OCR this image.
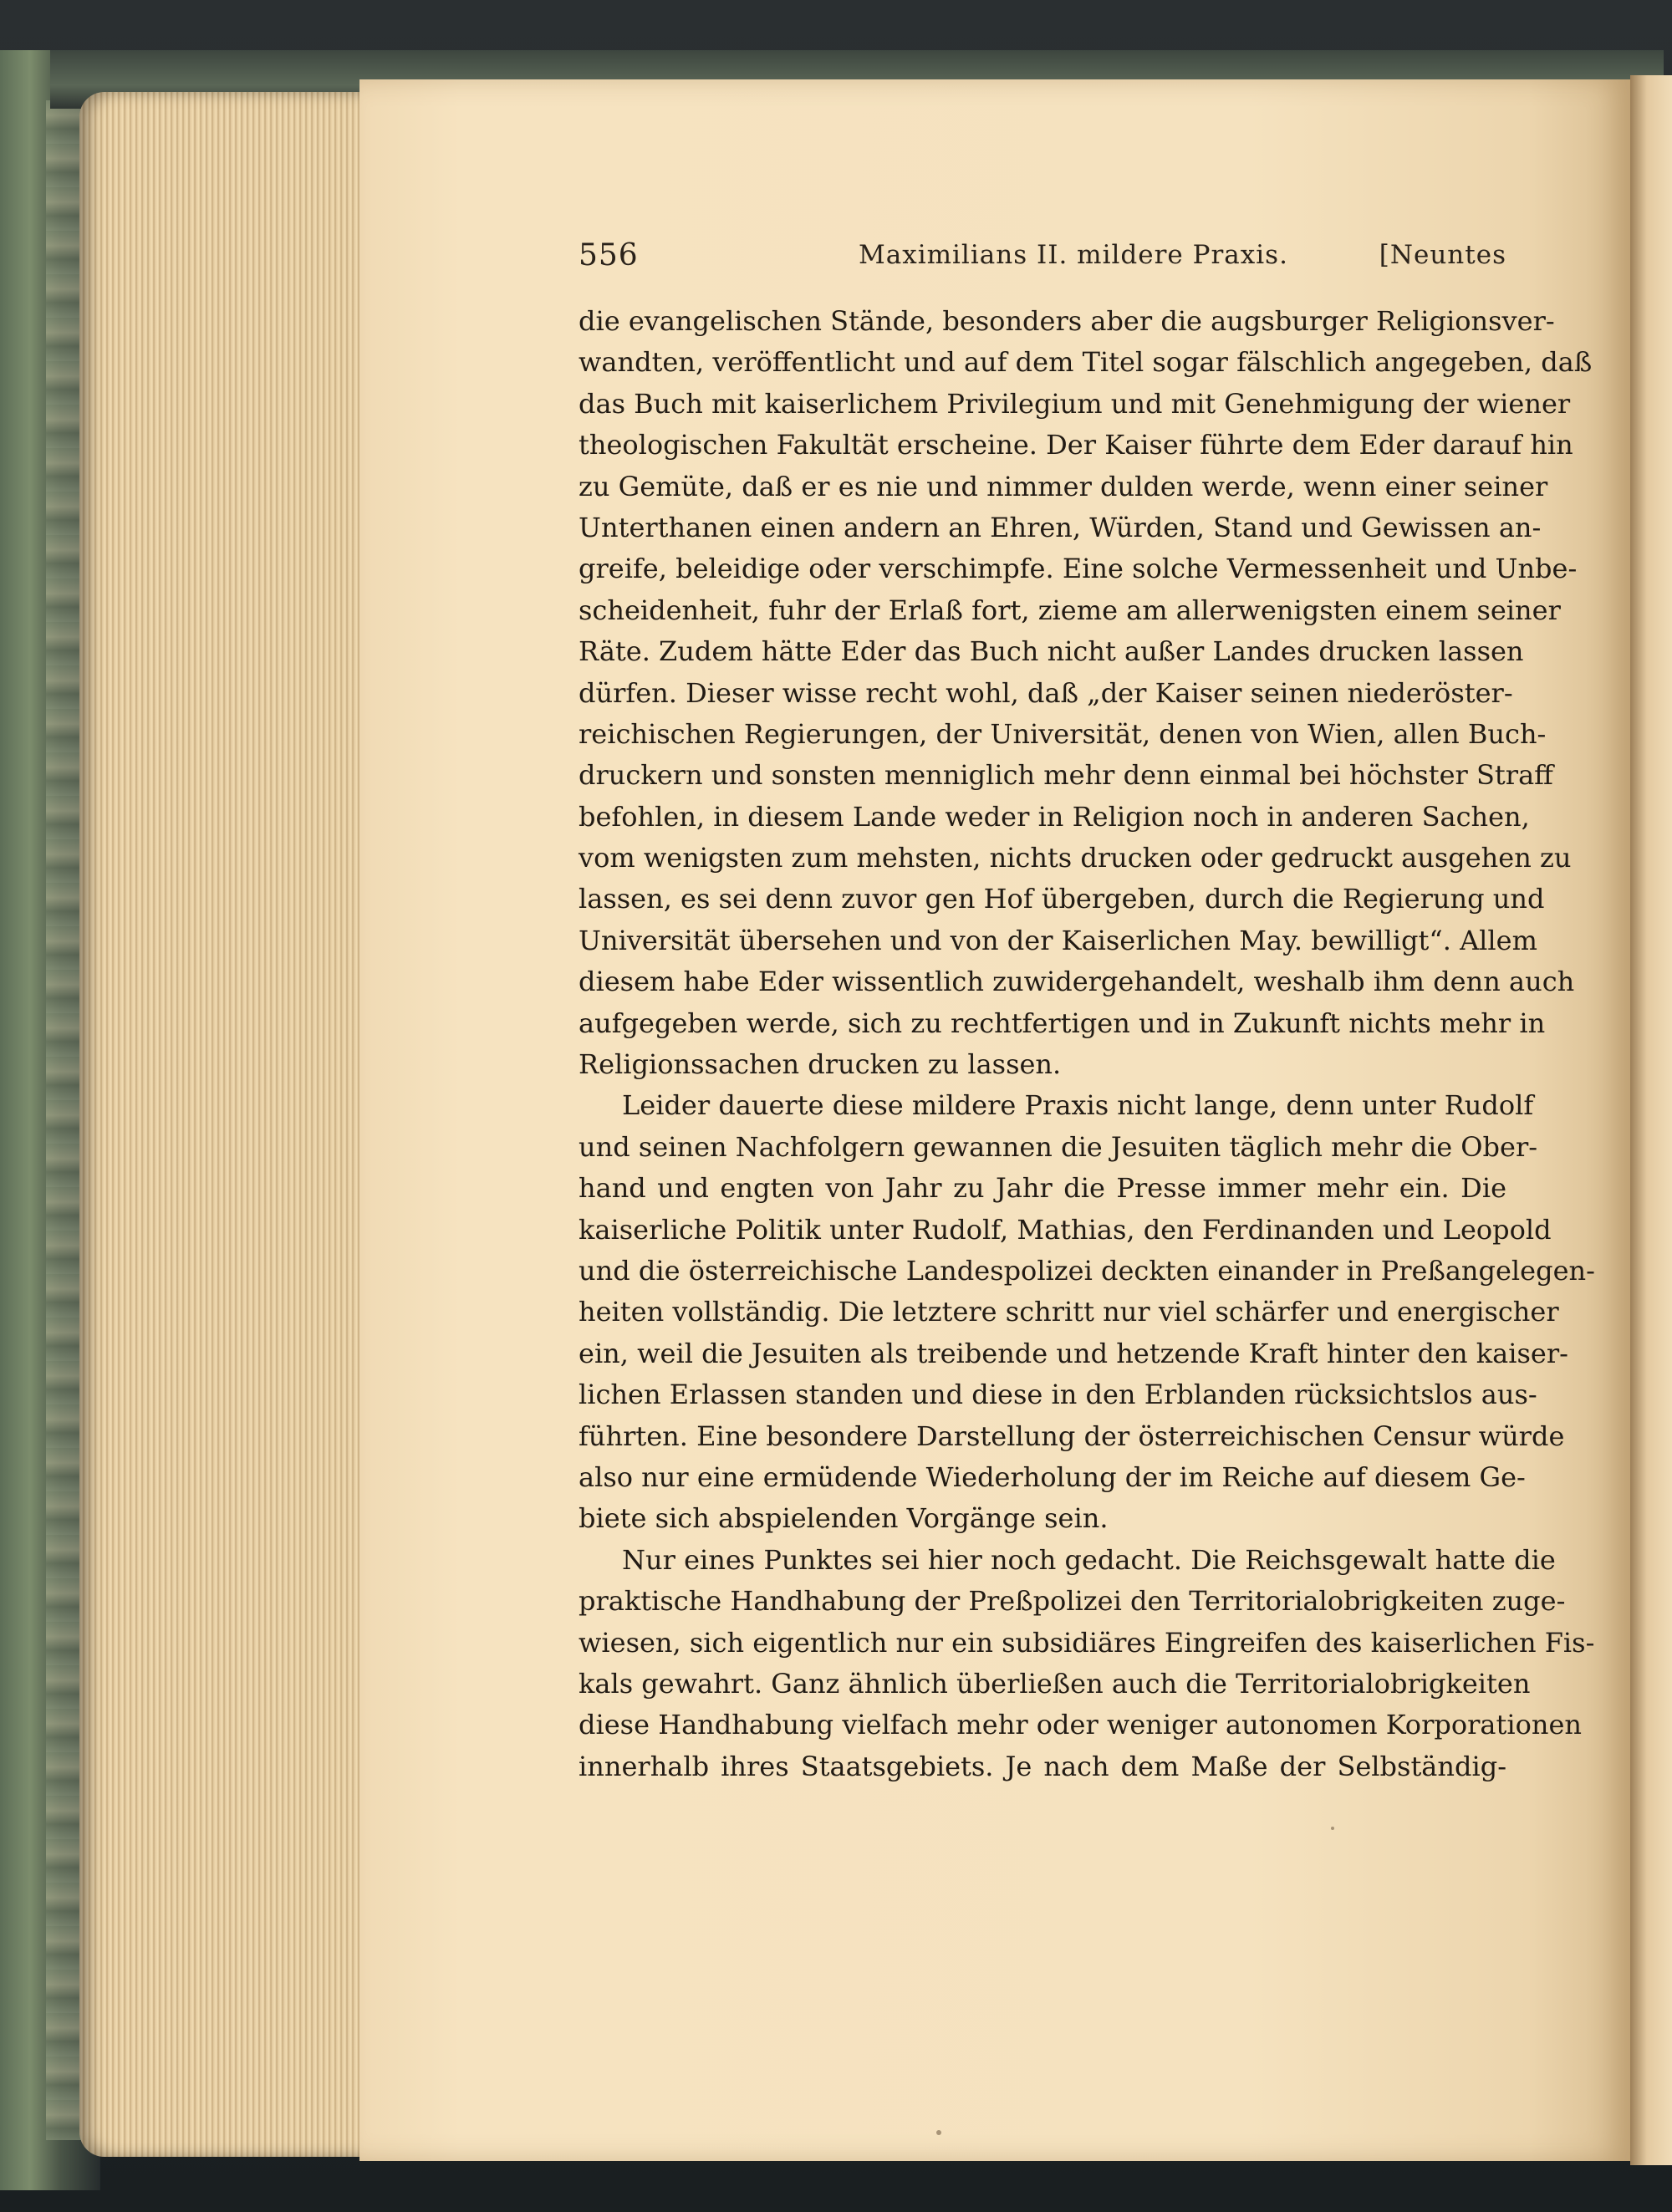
556	Maximilians II. mildere Praxis.	[Neuntes
die evangelischen Stände, besonders aber die augsburger Religionsver-
wandten, veröffentlicht und auf dem Titel sogar fälschlich angegeben, daß
das Buch mit kaiserlichem Privilegium und mit Genehmigung der wiener
theologischen Fakultät erscheine. Der Kaiser führte dem Eder darauf hin
zu Gemüte, daß er es nie und nimmer dulden werde, wenn einer seiner
Unterthanen einen andern an Ehren, Würden, Stand und Gewissen an-
greife, beleidige oder verschimpfe. Eine solche Vermessenheit und Unbe-
scheidenheit, fuhr der Erlaß fort, zieme am allerwenigsten einem seiner
Räte. Zudem hätte Eder das Buch nicht außer Landes drucken lassen
dürfen. Dieser wisse recht wohl, daß „der Kaiser seinen niederöster-
reichischen Regierungen, der Universität, denen von Wien, allen Buch-
druckern und sonsten menniglich mehr denn einmal bei höchster Straff
befohlen, in diesem Lande weder in Religion noch in anderen Sachen,
vom wenigsten zum mehsten, nichts drucken oder gedruckt ausgehen zu
lassen, es sei denn zuvor gen Hof übergeben, durch die Regierung und
Universität übersehen und von der Kaiserlichen May. bewilligt“. Allem
diesem habe Eder wissentlich zuwidergehandelt, weshalb ihm denn auch
aufgegeben werde, sich zu rechtfertigen und in Zukunft nichts mehr in
Religionssachen drucken zu lassen.
Leider dauerte diese mildere Praxis nicht lange, denn unter Rudolf
und seinen Nachfolgern gewannen die Jesuiten täglich mehr die Ober-
hand und engten von Jahr zu Jahr die Presse immer mehr ein. Die
kaiserliche Politik unter Rudolf, Mathias, den Ferdinanden und Leopold
und die österreichische Landespolizei deckten einander in Preßangelegen-
heiten vollständig. Die letztere schritt nur viel schärfer und energischer
ein, weil die Jesuiten als treibende und hetzende Kraft hinter den kaiser-
lichen Erlassen standen und diese in den Erblanden rücksichtslos aus-
führten. Eine besondere Darstellung der österreichischen Censur würde
also nur eine ermüdende Wiederholung der im Reiche auf diesem Ge-
biete sich abspielenden Vorgänge sein.
Nur eines Punktes sei hier noch gedacht. Die Reichsgewalt hatte die
praktische Handhabung der Preßpolizei den Territorialobrigkeiten zuge-
wiesen, sich eigentlich nur ein subsidiäres Eingreifen des kaiserlichen Fis-
kals gewahrt. Ganz ähnlich überließen auch die Territorialobrigkeiten
diese Handhabung vielfach mehr oder weniger autonomen Korporationen
innerhalb ihres Staatsgebiets. Je nach dem Maße der Selbständig-
